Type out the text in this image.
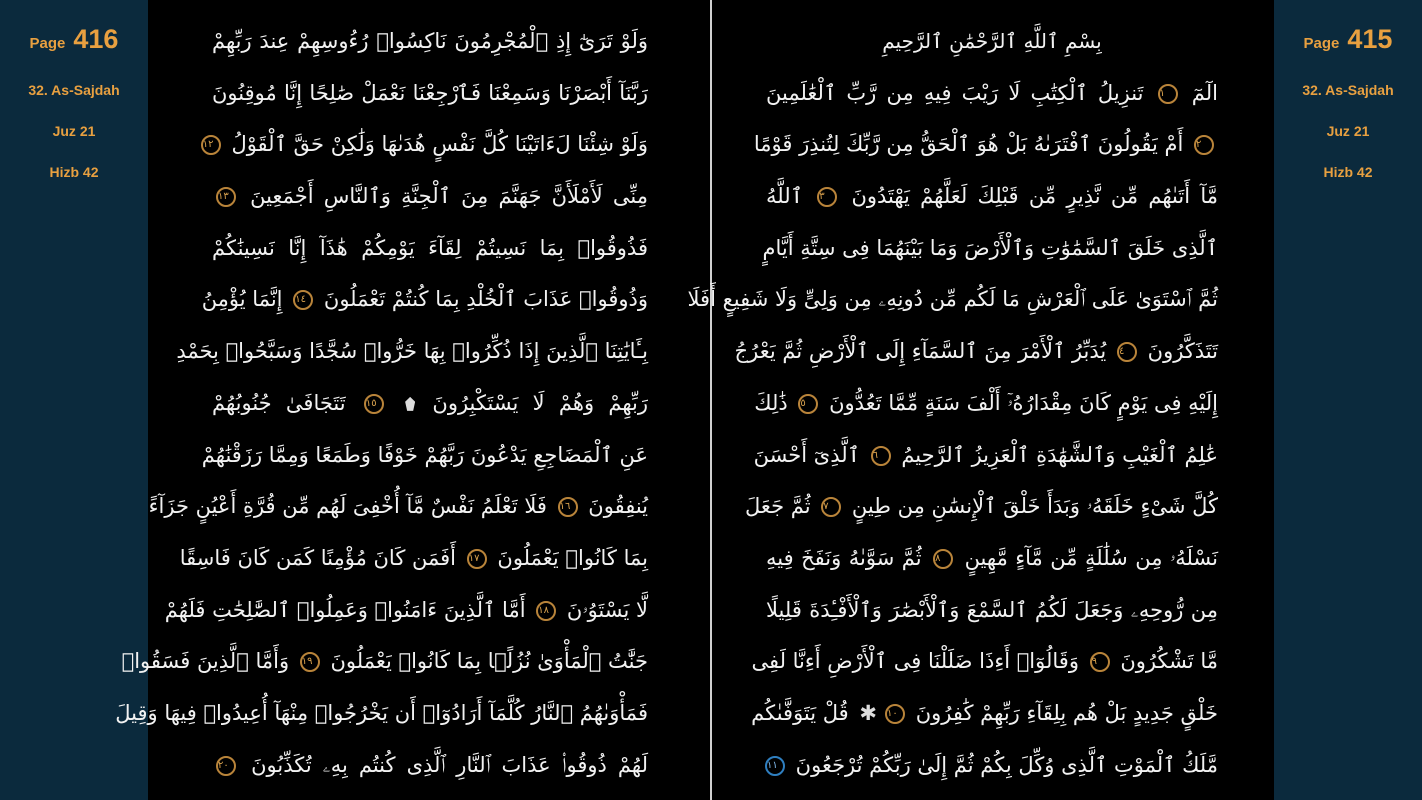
Page 416
32. As-Sajdah
Juz 21
Hizb 42
وَلَوْ تَرَىٰٓ إِذِ ٱلْمُجْرِمُونَ نَاكِسُوا۟ رُءُوسِهِمْ عِندَ رَبِّهِمْ
رَبَّنَآ أَبْصَرْنَا وَسَمِعْنَا فَٱرْجِعْنَا نَعْمَلْ صَٰلِحًا إِنَّا مُوقِنُونَ
وَلَوْ شِئْنَا لَءَاتَيْنَا كُلَّ نَفْسٍ هُدَىٰهَا وَلَٰكِنْ حَقَّ ٱلْقَوْلُ ١٢
مِنِّى لَأَمْلَأَنَّ جَهَنَّمَ مِنَ ٱلْجِنَّةِ وَٱلنَّاسِ أَجْمَعِينَ ١٣
فَذُوقُوا۟ بِمَا نَسِيتُمْ لِقَآءَ يَوْمِكُمْ هَٰذَآ إِنَّا نَسِينَٰكُمْ
وَذُوقُوا۟ عَذَابَ ٱلْخُلْدِ بِمَا كُنتُمْ تَعْمَلُونَ ١٤ إِنَّمَا يُؤْمِنُ
بِـَٔايَٰتِنَا ٱلَّذِينَ إِذَا ذُكِّرُوا۟ بِهَا خَرُّوا۟ سُجَّدًا وَسَبَّحُوا۟ بِحَمْدِ
رَبِّهِمْ وَهُمْ لَا يَسْتَكْبِرُونَ  ١٥ تَتَجَافَىٰ جُنُوبُهُمْ
عَنِ ٱلْمَضَاجِعِ يَدْعُونَ رَبَّهُمْ خَوْفًا وَطَمَعًا وَمِمَّا رَزَقْنَٰهُمْ
يُنفِقُونَ ١٦ فَلَا تَعْلَمُ نَفْسٌ مَّآ أُخْفِىَ لَهُم مِّن قُرَّةِ أَعْيُنٍ جَزَآءً
بِمَا كَانُوا۟ يَعْمَلُونَ ١٧ أَفَمَن كَانَ مُؤْمِنًا كَمَن كَانَ فَاسِقًا
لَّا يَسْتَوُۥنَ ١٨ أَمَّا ٱلَّذِينَ ءَامَنُوا۟ وَعَمِلُوا۟ ٱلصَّٰلِحَٰتِ فَلَهُمْ
جَنَّٰتُ ٱلْمَأْوَىٰ نُزُلًۢا بِمَا كَانُوا۟ يَعْمَلُونَ ١٩ وَأَمَّا ٱلَّذِينَ فَسَقُوا۟
فَمَأْوَىٰهُمُ ٱلنَّارُ كُلَّمَآ أَرَادُوٓا۟ أَن يَخْرُجُوا۟ مِنْهَآ أُعِيدُوا۟ فِيهَا وَقِيلَ
لَهُمْ ذُوقُوا۟ عَذَابَ ٱلنَّارِ ٱلَّذِى كُنتُم بِهِۦ تُكَذِّبُونَ ٢٠
بِسْمِ ٱللَّهِ ٱلرَّحْمَٰنِ ٱلرَّحِيمِ
الٓمٓ ١ تَنزِيلُ ٱلْكِتَٰبِ لَا رَيْبَ فِيهِ مِن رَّبِّ ٱلْعَٰلَمِينَ
٢ أَمْ يَقُولُونَ ٱفْتَرَىٰهُ بَلْ هُوَ ٱلْحَقُّ مِن رَّبِّكَ لِتُنذِرَ قَوْمًا
مَّآ أَتَىٰهُم مِّن نَّذِيرٍ مِّن قَبْلِكَ لَعَلَّهُمْ يَهْتَدُونَ ٣ ٱللَّهُ
ٱلَّذِى خَلَقَ ٱلسَّمَٰوَٰتِ وَٱلْأَرْضَ وَمَا بَيْنَهُمَا فِى سِتَّةِ أَيَّامٍ
ثُمَّ ٱسْتَوَىٰ عَلَى ٱلْعَرْشِ مَا لَكُم مِّن دُونِهِۦ مِن وَلِىٍّ وَلَا شَفِيعٍ أَفَلَا
تَتَذَكَّرُونَ ٤ يُدَبِّرُ ٱلْأَمْرَ مِنَ ٱلسَّمَآءِ إِلَى ٱلْأَرْضِ ثُمَّ يَعْرُجُ
إِلَيْهِ فِى يَوْمٍ كَانَ مِقْدَارُهُۥٓ أَلْفَ سَنَةٍ مِّمَّا تَعُدُّونَ ٥ ذَٰلِكَ
عَٰلِمُ ٱلْغَيْبِ وَٱلشَّهَٰدَةِ ٱلْعَزِيزُ ٱلرَّحِيمُ ٦ ٱلَّذِىٓ أَحْسَنَ
كُلَّ شَىْءٍ خَلَقَهُۥ وَبَدَأَ خَلْقَ ٱلْإِنسَٰنِ مِن طِينٍ ٧ ثُمَّ جَعَلَ
نَسْلَهُۥ مِن سُلَٰلَةٍ مِّن مَّآءٍ مَّهِينٍ ٨ ثُمَّ سَوَّىٰهُ وَنَفَخَ فِيهِ
مِن رُّوحِهِۦ وَجَعَلَ لَكُمُ ٱلسَّمْعَ وَٱلْأَبْصَٰرَ وَٱلْأَفْـِٔدَةَ قَلِيلًا
مَّا تَشْكُرُونَ ٩ وَقَالُوٓا۟ أَءِذَا ضَلَلْنَا فِى ٱلْأَرْضِ أَءِنَّا لَفِى
خَلْقٍ جَدِيدٍ بَلْ هُم بِلِقَآءِ رَبِّهِمْ كَٰفِرُونَ ١٠✱ قُلْ يَتَوَفَّىٰكُم
مَّلَكُ ٱلْمَوْتِ ٱلَّذِى وُكِّلَ بِكُمْ ثُمَّ إِلَىٰ رَبِّكُمْ تُرْجَعُونَ ١١
Page 415
32. As-Sajdah
Juz 21
Hizb 42
